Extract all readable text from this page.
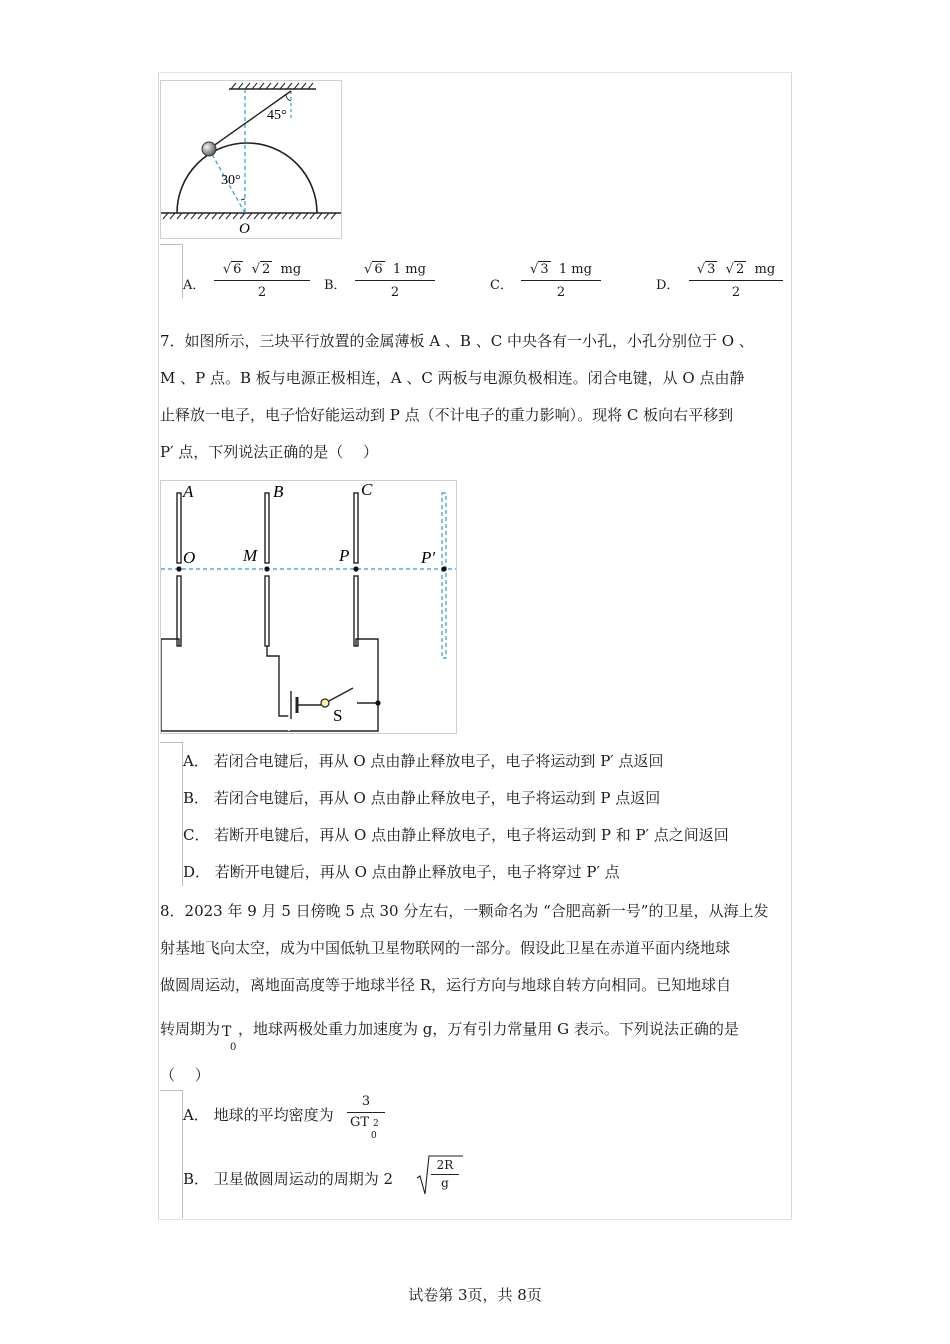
45°
30°
O
A．
√ 6  √ 2 mg
2	B．
√ 6 1 mg
2	C．
√ 3 1 mg
2	D．
√ 3  √ 2 mg
2
7．如图所示，三块平行放置的金属薄板 A 、B 、C 中央各有一小孔，小孔分别位于 O 、
M 、P 点。B 板与电源正极相连，A 、C 两板与电源负极相连。闭合电键，从 O 点由静
止释放一电子，电子恰好能运动到 P 点（不计电子的重力影响）。现将 C 板向右平移到
P′ 点，下列说法正确的是（　 ）
A	B	C
O	M	P	P′
S
A． 若闭合电键后，再从 O 点由静止释放电子，电子将运动到 P′ 点返回
B． 若闭合电键后，再从 O 点由静止释放电子，电子将运动到 P 点返回
C． 若断开电键后，再从 O 点由静止释放电子，电子将运动到 P 和 P′ 点之间返回
D． 若断开电键后，再从 O 点由静止释放电子，电子将穿过 P′ 点
8．2023 年 9 月 5 日傍晚 5 点 30 分左右，一颗命名为 “合肥高新一号”的卫星，从海上发
射基地飞向太空，成为中国低轨卫星物联网的一部分。假设此卫星在赤道平面内绕地球
做圆周运动，离地面高度等于地球半径 R，运行方向与地球自转方向相同。已知地球自
转周期为 T
0
，地球两极处重力加速度为 g，万有引力常量用 G 表示。下列说法正确的是
（　 ）
A． 地球的平均密度为
3
GT 2
0
B． 卫星做圆周运动的周期为 2
2R
g
试卷第 3页，共 8页
